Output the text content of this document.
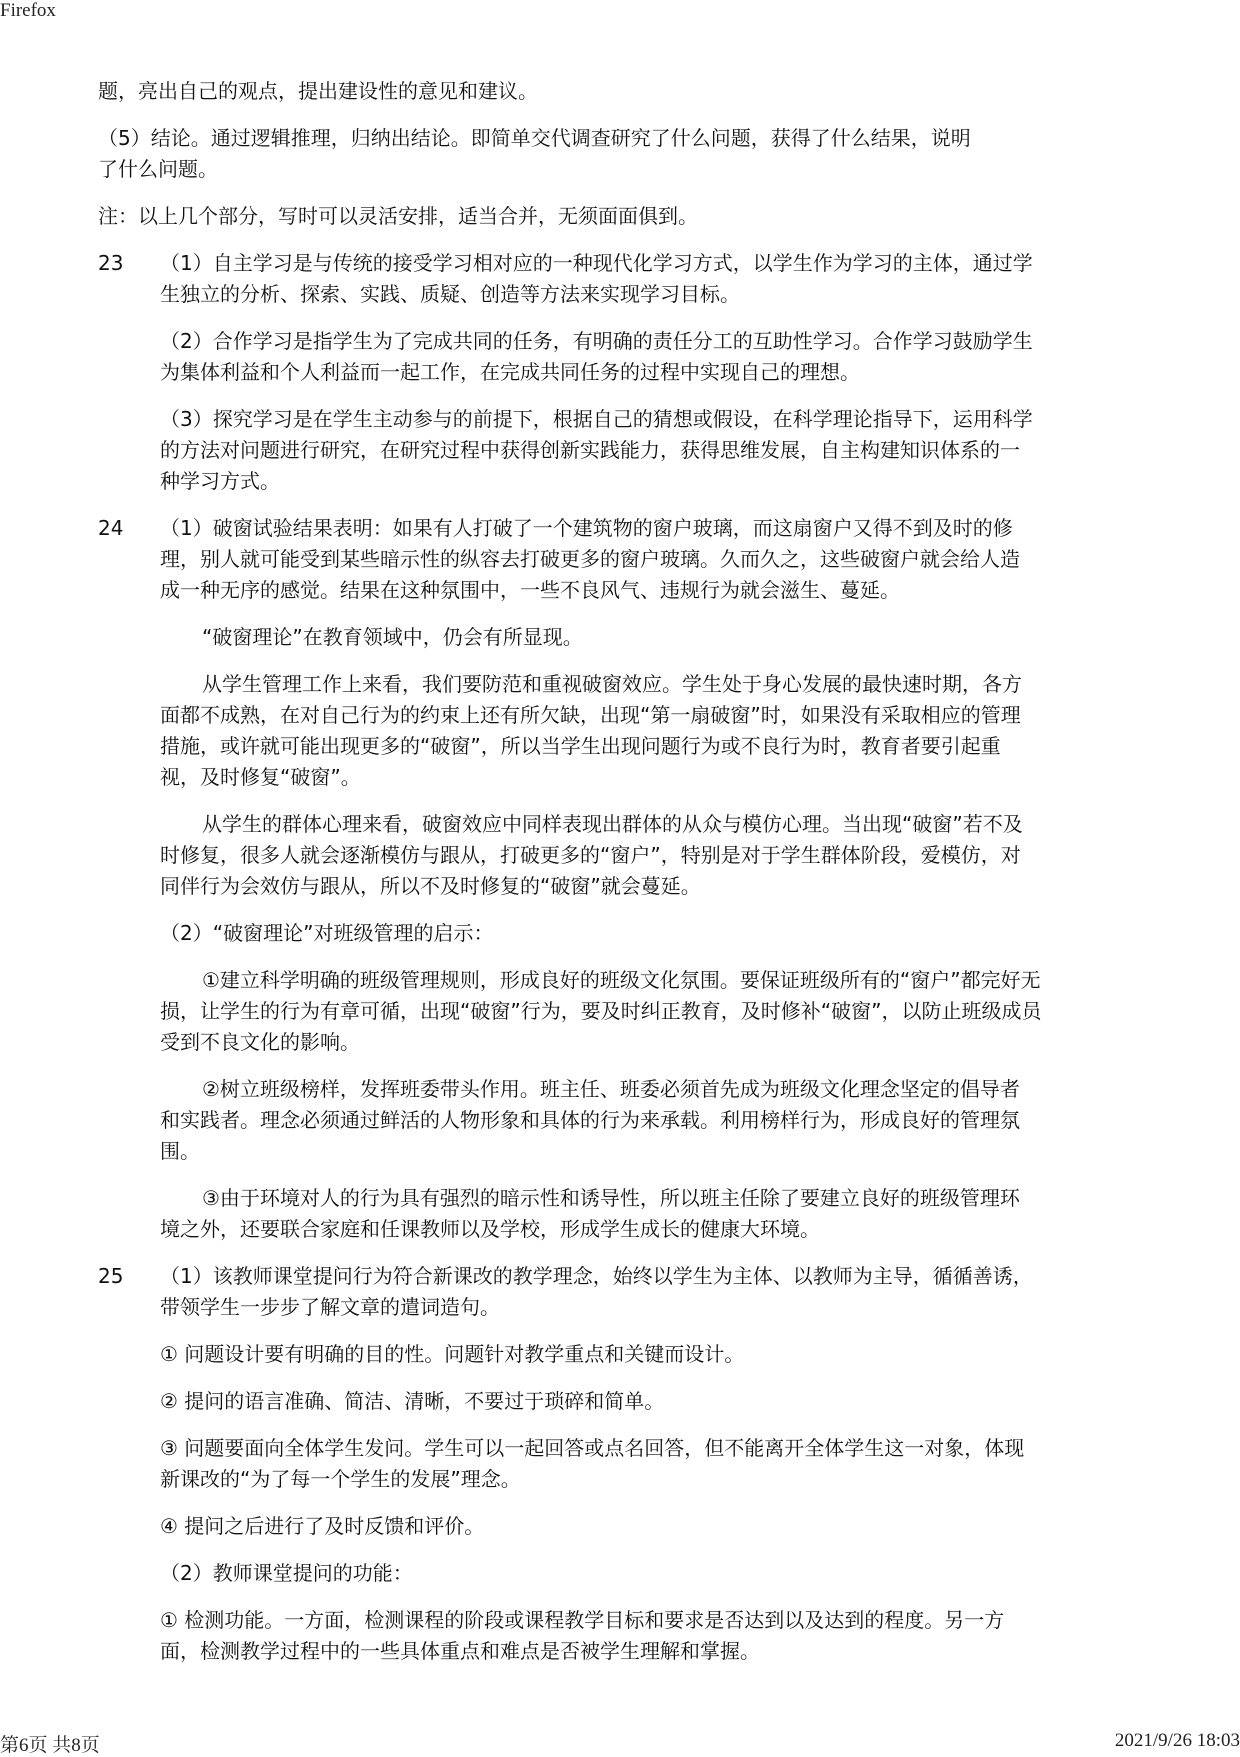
Firefox
题，亮出自己的观点，提出建设性的意见和建议。
（5）结论。通过逻辑推理，归纳出结论。即简单交代调查研究了什么问题，获得了什么结果，说明
了什么问题。
注：以上几个部分，写时可以灵活安排，适当合并，无须面面俱到。
23 （1）自主学习是与传统的接受学习相对应的一种现代化学习方式，以学生作为学习的主体，通过学
生独立的分析、探索、实践、质疑、创造等方法来实现学习目标。
（2）合作学习是指学生为了完成共同的任务，有明确的责任分工的互助性学习。合作学习鼓励学生
为集体利益和个人利益而一起工作，在完成共同任务的过程中实现自己的理想。
（3）探究学习是在学生主动参与的前提下，根据自己的猜想或假设，在科学理论指导下，运用科学
的方法对问题进行研究，在研究过程中获得创新实践能力，获得思维发展，自主构建知识体系的一
种学习方式。
24 （1）破窗试验结果表明：如果有人打破了一个建筑物的窗户玻璃，而这扇窗户又得不到及时的修
理，别人就可能受到某些暗示性的纵容去打破更多的窗户玻璃。久而久之，这些破窗户就会给人造
成一种无序的感觉。结果在这种氛围中，一些不良风气、违规行为就会滋生、蔓延。
“破窗理论”在教育领域中，仍会有所显现。
从学生管理工作上来看，我们要防范和重视破窗效应。学生处于身心发展的最快速时期，各方
面都不成熟，在对自己行为的约束上还有所欠缺，出现“第一扇破窗”时，如果没有采取相应的管理
措施，或许就可能出现更多的“破窗”，所以当学生出现问题行为或不良行为时，教育者要引起重
视，及时修复“破窗”。
从学生的群体心理来看，破窗效应中同样表现出群体的从众与模仿心理。当出现“破窗”若不及
时修复，很多人就会逐渐模仿与跟从，打破更多的“窗户”，特别是对于学生群体阶段，爱模仿，对
同伴行为会效仿与跟从，所以不及时修复的“破窗”就会蔓延。
（2）“破窗理论”对班级管理的启示：
①建立科学明确的班级管理规则，形成良好的班级文化氛围。要保证班级所有的“窗户”都完好无
损，让学生的行为有章可循，出现“破窗”行为，要及时纠正教育，及时修补“破窗”，以防止班级成员
受到不良文化的影响。
②树立班级榜样，发挥班委带头作用。班主任、班委必须首先成为班级文化理念坚定的倡导者
和实践者。理念必须通过鲜活的人物形象和具体的行为来承载。利用榜样行为，形成良好的管理氛
围。
③由于环境对人的行为具有强烈的暗示性和诱导性，所以班主任除了要建立良好的班级管理环
境之外，还要联合家庭和任课教师以及学校，形成学生成长的健康大环境。
25 （1）该教师课堂提问行为符合新课改的教学理念，始终以学生为主体、以教师为主导，循循善诱，
带领学生一步步了解文章的遣词造句。
① 问题设计要有明确的目的性。问题针对教学重点和关键而设计。
② 提问的语言准确、简洁、清晰，不要过于琐碎和简单。
③ 问题要面向全体学生发问。学生可以一起回答或点名回答，但不能离开全体学生这一对象，体现
新课改的“为了每一个学生的发展”理念。
④ 提问之后进行了及时反馈和评价。
（2）教师课堂提问的功能：
① 检测功能。一方面，检测课程的阶段或课程教学目标和要求是否达到以及达到的程度。另一方
面，检测教学过程中的一些具体重点和难点是否被学生理解和掌握。
第6页 共8页	2021/9/26 18:03
